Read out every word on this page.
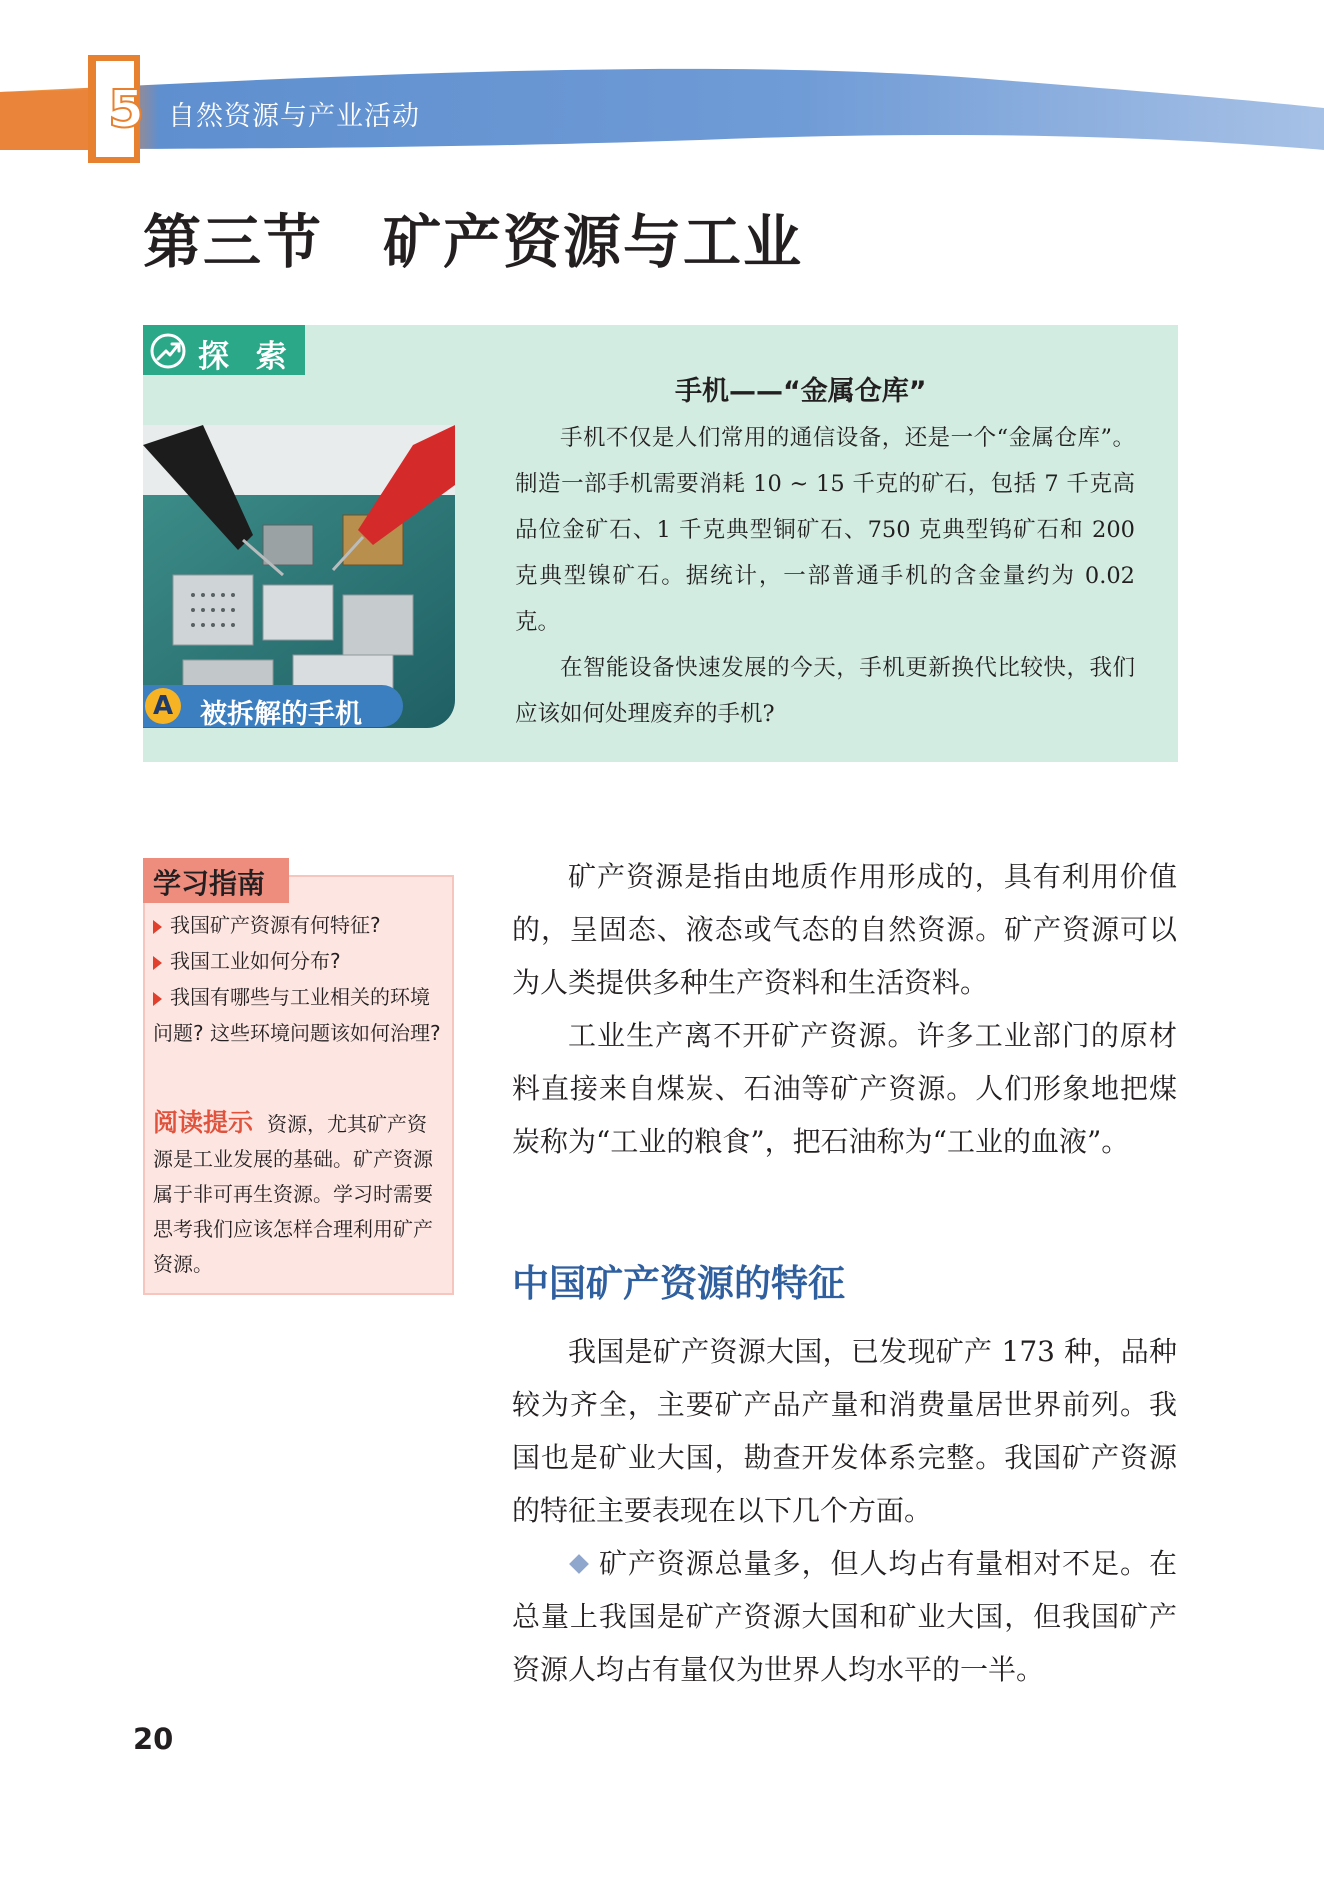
5 自然资源与产业活动
第三节　矿产资源与工业
探 索
A 被拆解的手机
手机——“金属仓库”
手机不仅是人们常用的通信设备，还是一个“金属仓库”。制造一部手机需要消耗 10 ~ 15 千克的矿石，包括 7 千克高品位金矿石、1 千克典型铜矿石、750 克典型钨矿石和 200 克典型镍矿石。据统计，一部普通手机的含金量约为 0.02 克。
在智能设备快速发展的今天，手机更新换代比较快，我们应该如何处理废弃的手机?
学习指南
我国矿产资源有何特征?
我国工业如何分布?
我国有哪些与工业相关的环境问题? 这些环境问题该如何治理?
阅读提示 资源，尤其矿产资源是工业发展的基础。矿产资源属于非可再生资源。学习时需要思考我们应该怎样合理利用矿产资源。
矿产资源是指由地质作用形成的，具有利用价值的，呈固态、液态或气态的自然资源。矿产资源可以为人类提供多种生产资料和生活资料。
工业生产离不开矿产资源。许多工业部门的原材料直接来自煤炭、石油等矿产资源。人们形象地把煤炭称为“工业的粮食”，把石油称为“工业的血液”。
中国矿产资源的特征
我国是矿产资源大国，已发现矿产 173 种，品种较为齐全，主要矿产品产量和消费量居世界前列。我国也是矿业大国，勘查开发体系完整。我国矿产资源的特征主要表现在以下几个方面。
矿产资源总量多，但人均占有量相对不足。在总量上我国是矿产资源大国和矿业大国，但我国矿产资源人均占有量仅为世界人均水平的一半。
20
